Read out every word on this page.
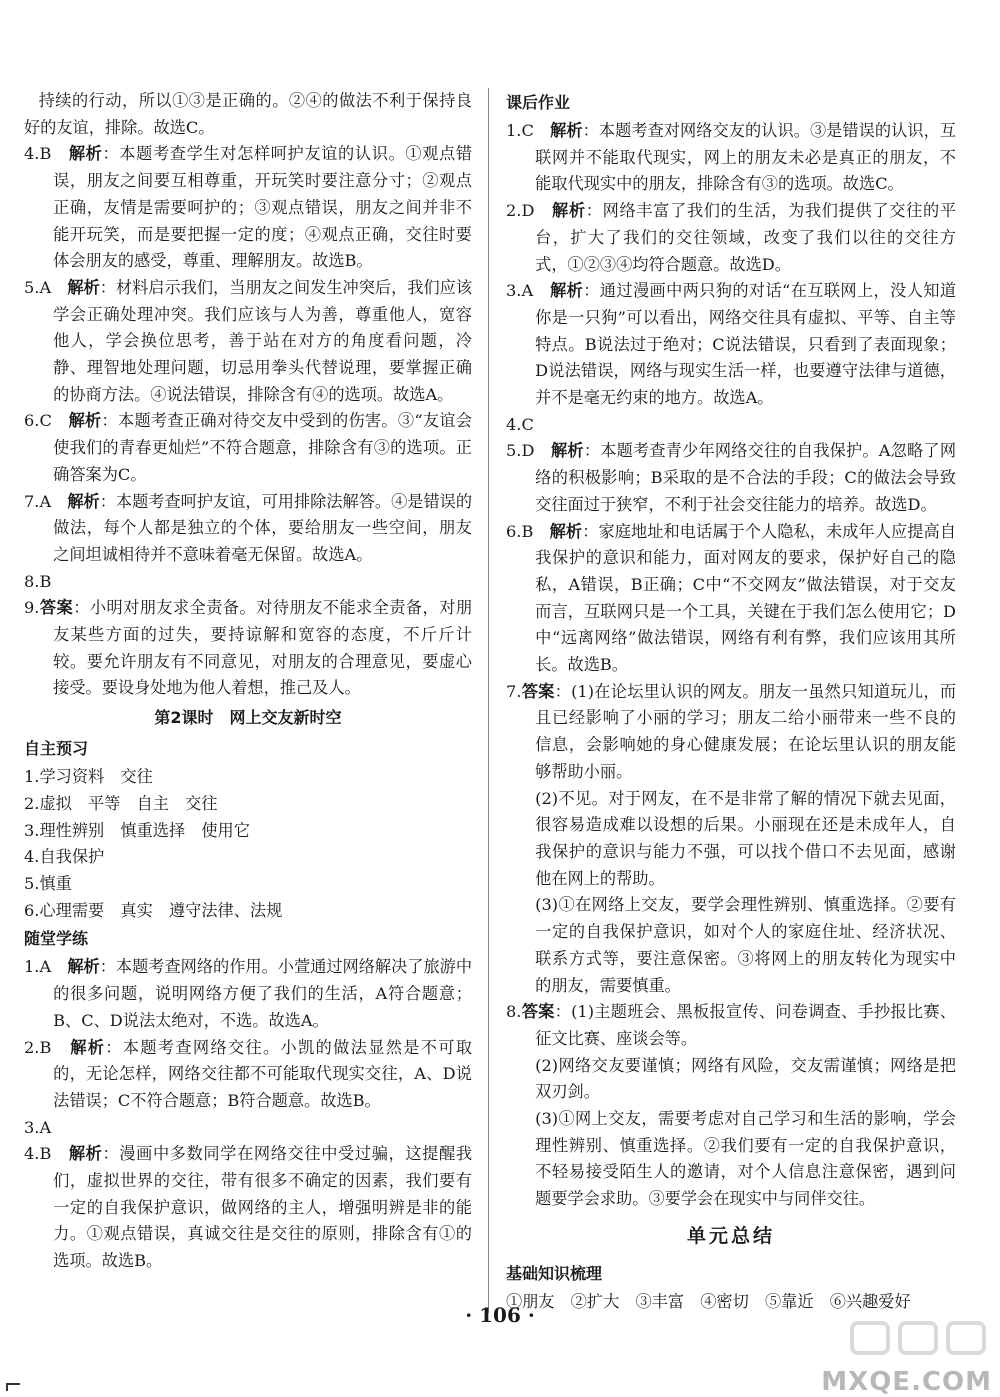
持续的行动，所以①③是正确的。②④的做法不利于保持良好的友谊，排除。故选C。

4.B　 解析：本题考查学生对怎样呵护友谊的认识。①观点错误，朋友之间要互相尊重，开玩笑时要注意分寸；②观点正确，友情是需要呵护的；③观点错误，朋友之间并非不能开玩笑，而是要把握一定的度；④观点正确，交往时要体会朋友的感受，尊重、理解朋友。故选B。

5.A　 解析：材料启示我们，当朋友之间发生冲突后，我们应该学会正确处理冲突。我们应该与人为善，尊重他人，宽容他人，学会换位思考，善于站在对方的角度看问题，冷静、理智地处理问题，切忌用拳头代替说理，要掌握正确的协商方法。④说法错误，排除含有④的选项。故选A。

6.C　 解析：本题考查正确对待交友中受到的伤害。③“友谊会使我们的青春更灿烂”不符合题意，排除含有③的选项。正确答案为C。

7.A　 解析：本题考查呵护友谊，可用排除法解答。④是错误的做法，每个人都是独立的个体，要给朋友一些空间，朋友之间坦诚相待并不意味着毫无保留。故选A。

8.B

9.答案：小明对朋友求全责备。对待朋友不能求全责备，对朋友某些方面的过失，要持谅解和宽容的态度，不斤斤计较。要允许朋友有不同意见，对朋友的合理意见，要虚心接受。要设身处地为他人着想，推己及人。

第2课时　网上交友新时空
自主预习

1.学习资料　交往

2.虚拟　平等　自主　交往

3.理性辨别　慎重选择　使用它

4.自我保护

5.慎重

6.心理需要　真实　遵守法律、法规

随堂学练

1.A　 解析：本题考查网络的作用。小萱通过网络解决了旅游中的很多问题，说明网络方便了我们的生活，A符合题意；B、C、D说法太绝对，不选。故选A。

2.B　 解析：本题考查网络交往。小凯的做法显然是不可取的，无论怎样，网络交往都不可能取代现实交往，A、D说法错误；C不符合题意；B符合题意。故选B。

3.A

4.B　 解析：漫画中多数同学在网络交往中受过骗，这提醒我们，虚拟世界的交往，带有很多不确定的因素，我们要有一定的自我保护意识，做网络的主人，增强明辨是非的能力。①观点错误，真诚交往是交往的原则，排除含有①的选项。故选B。

课后作业

1.C　 解析：本题考查对网络交友的认识。③是错误的认识，互联网并不能取代现实，网上的朋友未必是真正的朋友，不能取代现实中的朋友，排除含有③的选项。故选C。

2.D　 解析：网络丰富了我们的生活，为我们提供了交往的平台，扩大了我们的交往领域，改变了我们以往的交往方式，①②③④均符合题意。故选D。

3.A　 解析：通过漫画中两只狗的对话“在互联网上，没人知道你是一只狗”可以看出，网络交往具有虚拟、平等、自主等特点。B说法过于绝对；C说法错误，只看到了表面现象；D说法错误，网络与现实生活一样，也要遵守法律与道德，并不是毫无约束的地方。故选A。

4.C

5.D　 解析：本题考查青少年网络交往的自我保护。A忽略了网络的积极影响；B采取的是不合法的手段；C的做法会导致交往面过于狭窄，不利于社会交往能力的培养。故选D。

6.B　 解析：家庭地址和电话属于个人隐私，未成年人应提高自我保护的意识和能力，面对网友的要求，保护好自己的隐私，A错误，B正确；C中“不交网友”做法错误，对于交友而言，互联网只是一个工具，关键在于我们怎么使用它；D中“远离网络”做法错误，网络有利有弊，我们应该用其所长。故选B。

7.答案：(1)在论坛里认识的网友。朋友一虽然只知道玩儿，而且已经影响了小丽的学习；朋友二给小丽带来一些不良的信息，会影响她的身心健康发展；在论坛里认识的朋友能够帮助小丽。

(2)不见。对于网友，在不是非常了解的情况下就去见面，很容易造成难以设想的后果。小丽现在还是未成年人，自我保护的意识与能力不强，可以找个借口不去见面，感谢他在网上的帮助。

(3)①在网络上交友，要学会理性辨别、慎重选择。②要有一定的自我保护意识，如对个人的家庭住址、经济状况、联系方式等，要注意保密。③将网上的朋友转化为现实中的朋友，需要慎重。

8.答案：(1)主题班会、黑板报宣传、问卷调查、手抄报比赛、征文比赛、座谈会等。

(2)网络交友要谨慎；网络有风险，交友需谨慎；网络是把双刃剑。

(3)①网上交友，需要考虑对自己学习和生活的影响，学会理性辨别、慎重选择。②我们要有一定的自我保护意识，不轻易接受陌生人的邀请，对个人信息注意保密，遇到问题要学会求助。③要学会在现实中与同伴交往。

单元总结
基础知识梳理

①朋友　②扩大　③丰富　④密切　⑤靠近　⑥兴趣爱好

· 106 ·
MXQE.COM
